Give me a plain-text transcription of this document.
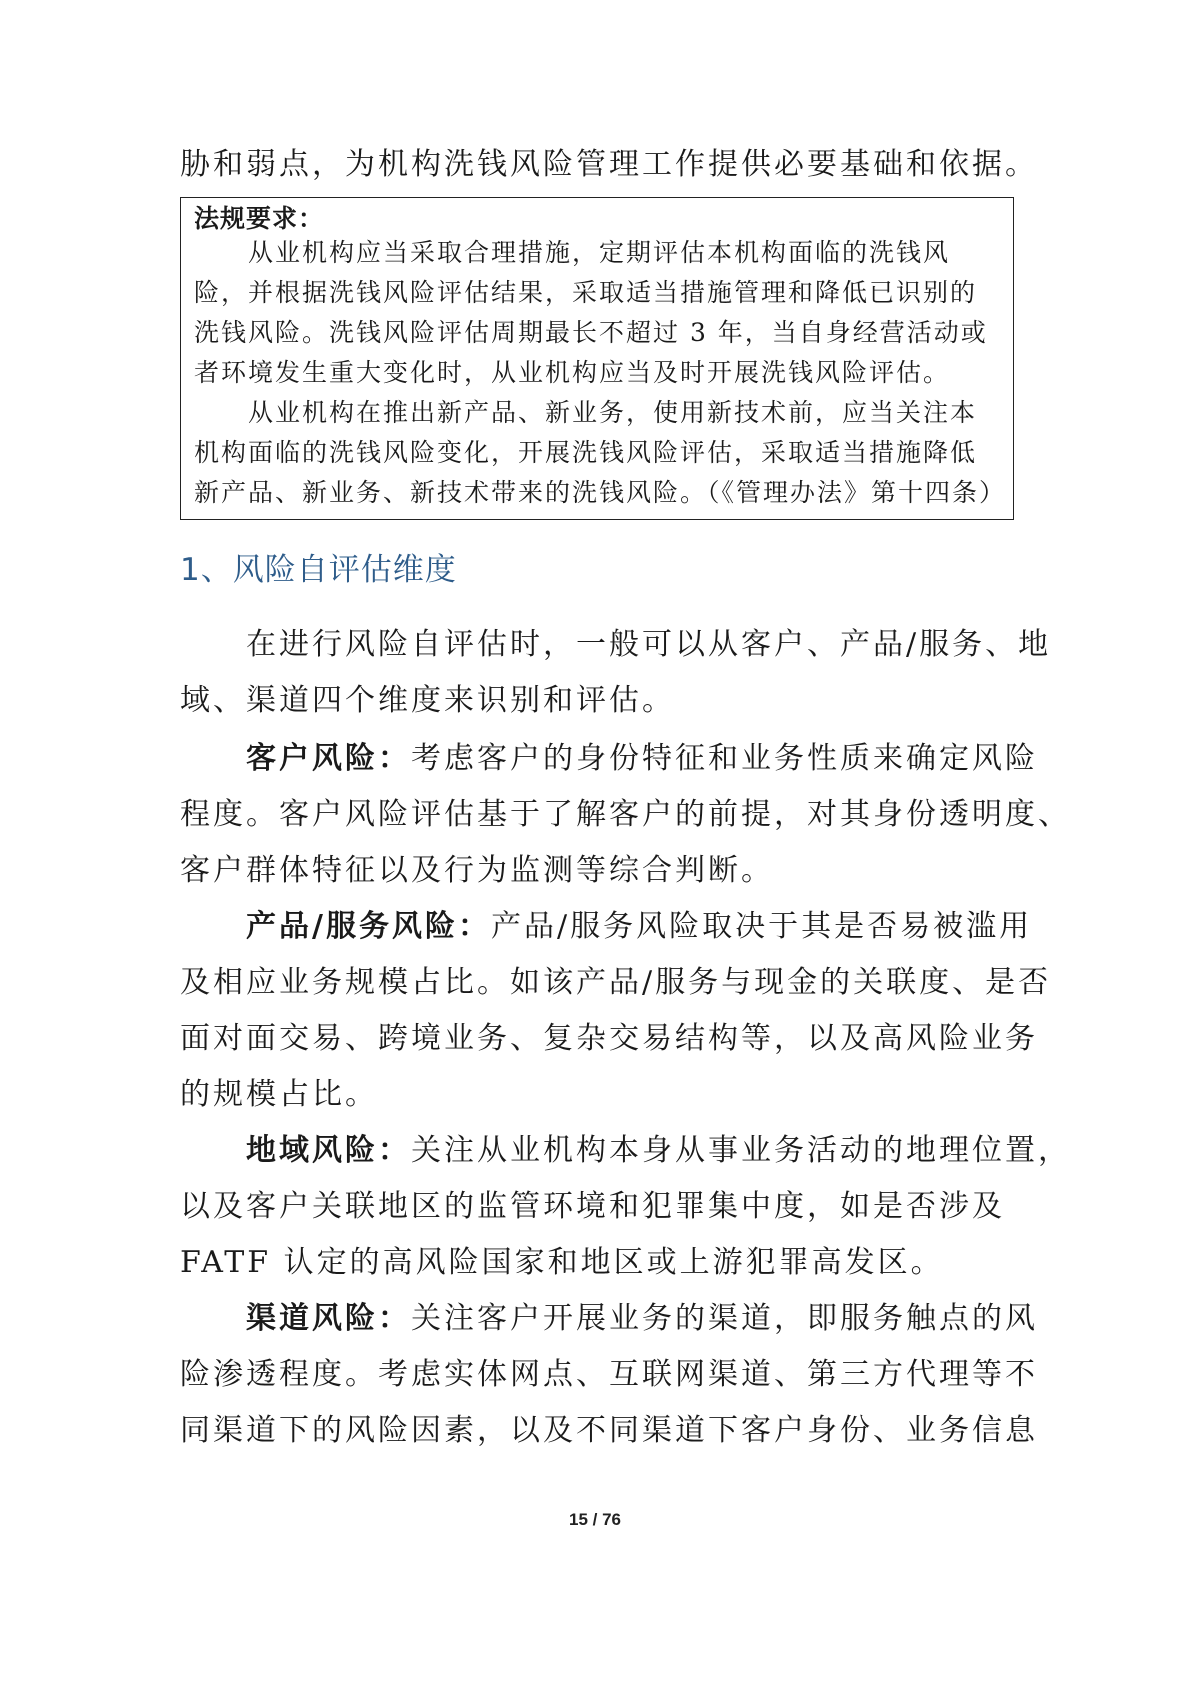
胁和弱点，为机构洗钱风险管理工作提供必要基础和依据。
法规要求：
　　从业机构应当采取合理措施，定期评估本机构面临的洗钱风
险，并根据洗钱风险评估结果，采取适当措施管理和降低已识别的
洗钱风险。洗钱风险评估周期最长不超过 3 年，当自身经营活动或
者环境发生重大变化时，从业机构应当及时开展洗钱风险评估。
　　从业机构在推出新产品、新业务，使用新技术前，应当关注本
机构面临的洗钱风险变化，开展洗钱风险评估，采取适当措施降低
新产品、新业务、新技术带来的洗钱风险。（《管理办法》第十四条）
1、风险自评估维度
　　在进行风险自评估时，一般可以从客户、产品/服务、地
域、渠道四个维度来识别和评估。
　　客户风险：考虑客户的身份特征和业务性质来确定风险
程度。客户风险评估基于了解客户的前提，对其身份透明度、
客户群体特征以及行为监测等综合判断。
　　产品/服务风险：产品/服务风险取决于其是否易被滥用
及相应业务规模占比。如该产品/服务与现金的关联度、是否
面对面交易、跨境业务、复杂交易结构等，以及高风险业务
的规模占比。
　　地域风险：关注从业机构本身从事业务活动的地理位置，
以及客户关联地区的监管环境和犯罪集中度，如是否涉及
FATF 认定的高风险国家和地区或上游犯罪高发区。
　　渠道风险：关注客户开展业务的渠道，即服务触点的风
险渗透程度。考虑实体网点、互联网渠道、第三方代理等不
同渠道下的风险因素，以及不同渠道下客户身份、业务信息
15 / 76
